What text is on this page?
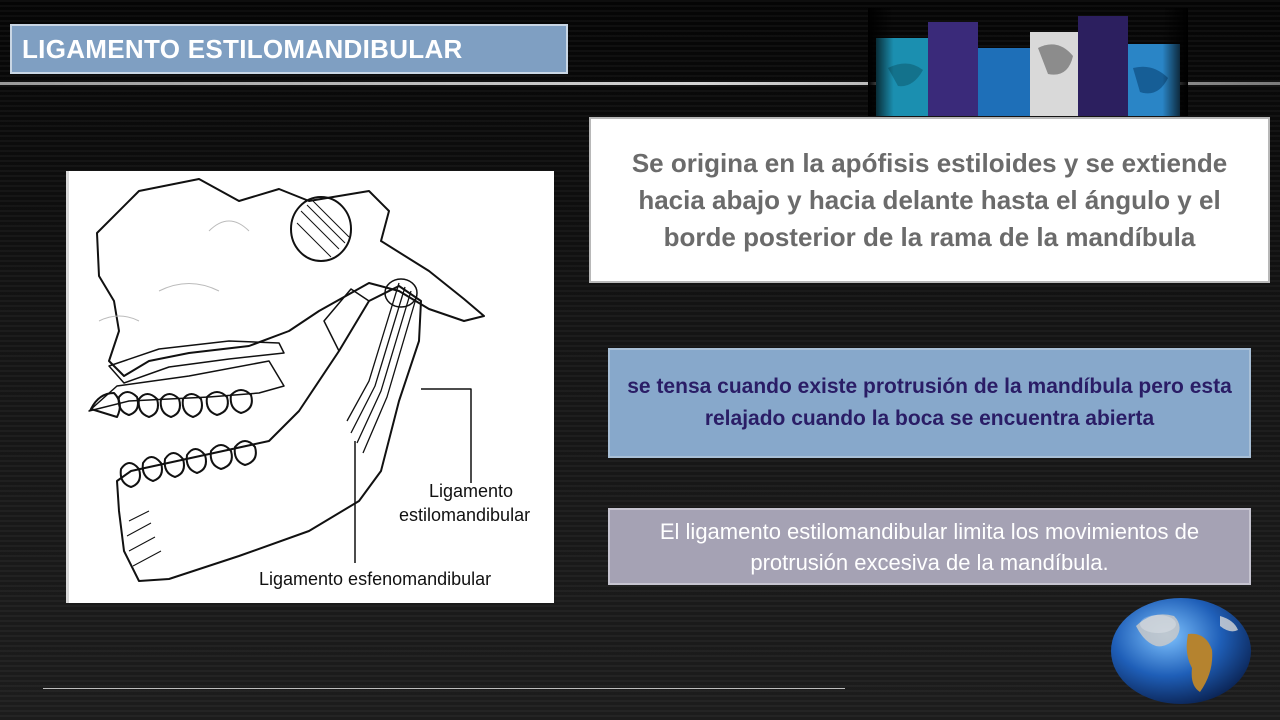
LIGAMENTO ESTILOMANDIBULAR
Ligamento
estilomandibular
Ligamento esfenomandibular

Se origina en la apófisis estiloides y se extiende hacia abajo y hacia delante hasta el ángulo y el borde posterior de la rama de la mandíbula

se tensa cuando existe protrusión de la mandíbula pero esta relajado cuando la boca se encuentra abierta

El ligamento estilomandibular limita los movimientos de protrusión excesiva de la mandíbula.
